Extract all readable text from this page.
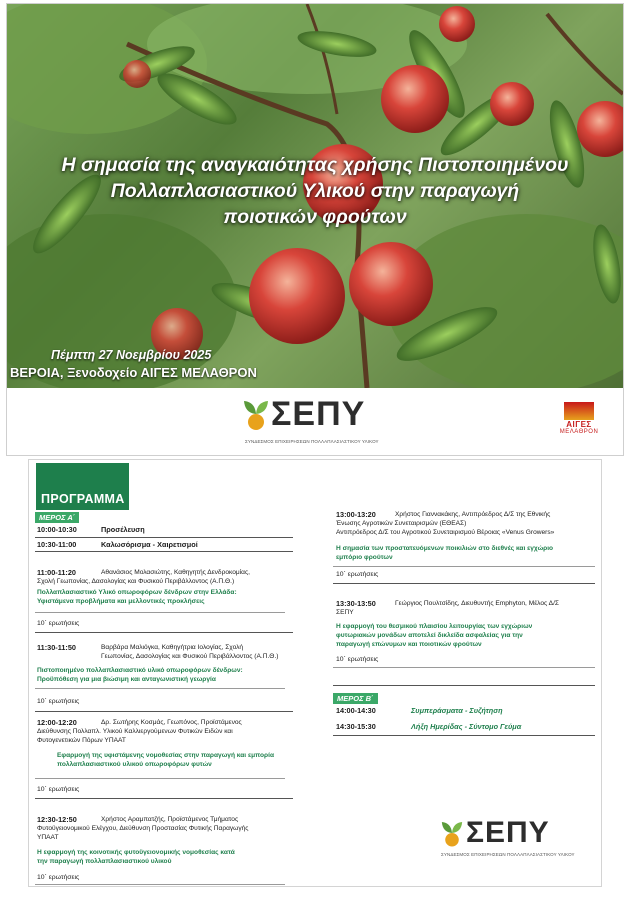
Η σημασία της αναγκαιότητας χρήσης Πιστοποιημένου
Πολλαπλασιαστικού Υλικού στην παραγωγή
ποιοτικών φρούτων
Πέμπτη 27 Νοεμβρίου 2025
ΒΕΡΟΙΑ, Ξενοδοχείο ΑΙΓΕΣ ΜΕΛΑΘΡΟΝ
ΣΕΠΥ
ΣΥΝΔΕΣΜΟΣ ΕΠΙΧΕΙΡΗΣΕΩΝ ΠΟΛΛΑΠΛΑΣΙΑΣΤΙΚΟΥ ΥΛΙΚΟΥ
ΑΙΓΕΣ
ΜΕΛΑΘΡΟΝ
ΠΡΟΓΡΑΜΜΑ
ΜΕΡΟΣ Α΄
10:00-10:30	Προσέλευση
10:30-11:00	Καλωσόρισμα - Χαιρετισμοί
11:00-11:20	Αθανάσιος Μολασιώτης, Καθηγητής Δενδροκομίας,
Σχολή Γεωπονίας, Δασολογίας και Φυσικού Περιβάλλοντος (Α.Π.Θ.)
Πολλαπλασιαστικό Υλικό οπωροφόρων δένδρων στην Ελλάδα:
Υφιστάμενα προβλήματα και μελλοντικές προκλήσεις
10΄ ερωτήσεις
11:30-11:50	Βαρβάρα Μαλιόγκα, Καθηγήτρια Ιολογίας, Σχολή
Γεωπονίας, Δασολογίας και Φυσικού Περιβάλλοντος (Α.Π.Θ.)
Πιστοποιημένο πολλαπλασιαστικό υλικό οπωροφόρων δένδρων:
Προϋπόθεση για μια βιώσιμη και ανταγωνιστική γεωργία
10΄ ερωτήσεις
12:00-12:20	Δρ. Σωτήρης Κοσμάς, Γεωπόνος, Προϊστάμενος
Διεύθυνσης Πολλαπλ. Υλικού Καλλιεργούμενων Φυτικών Ειδών και
Φυτογενετικών Πόρων ΥΠΑΑΤ
Εφαρμογή της υφιστάμενης νομοθεσίας στην παραγωγή και εμπορία
πολλαπλασιαστικού υλικού οπωροφόρων φυτών
10΄ ερωτήσεις
12:30-12:50	Χρήστος Αραμπατζής, Προϊστάμενος Τμήματος
Φυτοϋγειονομικού Ελέγχου, Διεύθυνση Προστασίας Φυτικής Παραγωγής
ΥΠΑΑΤ
Η εφαρμογή της κοινοτικής φυτοϋγειονομικής νομοθεσίας κατά
την παραγωγή πολλαπλασιαστικού υλικού
10΄ ερωτήσεις
13:00-13:20	Χρήστος Γιαννακάκης, Αντιπρόεδρος Δ/Σ της Εθνικής
Ένωσης Αγροτικών Συνεταιρισμών (ΕΘΕΑΣ)
Αντιπρόεδρος Δ/Σ του Αγροτικού Συνεταιρισμού Βέροιας «Venus Growers»
Η σημασία των προστατευόμενων ποικιλιών στο διεθνές και εγχώριο
εμπόριο φρούτων
10΄ ερωτήσεις
13:30-13:50	Γεώργιος Πουλτσίδης, Διευθυντής Emphyton, Μέλος Δ/Σ
ΣΕΠΥ
Η εφαρμογή του θεσμικού πλαισίου λειτουργίας των εγχώριων
φυτωριακών μονάδων αποτελεί δικλείδα ασφαλείας για την
παραγωγή επώνυμων και ποιοτικών φρούτων
10΄ ερωτήσεις
ΜΕΡΟΣ Β΄
14:00-14:30	Συμπεράσματα - Συζήτηση
14:30-15:30	Λήξη Ημερίδας - Σύντομο Γεύμα
ΣΕΠΥ
ΣΥΝΔΕΣΜΟΣ ΕΠΙΧΕΙΡΗΣΕΩΝ ΠΟΛΛΑΠΛΑΣΙΑΣΤΙΚΟΥ ΥΛΙΚΟΥ
